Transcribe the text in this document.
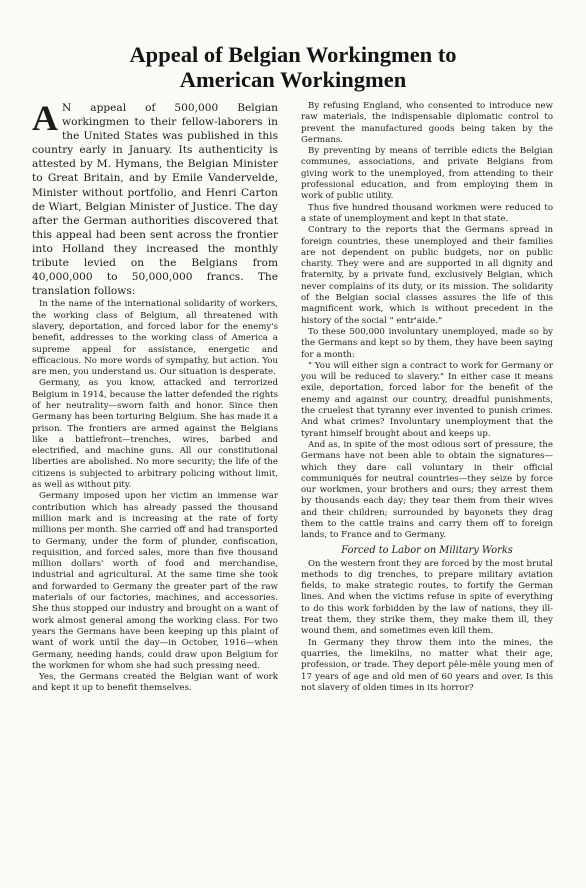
Appeal of Belgian Workingmen to
American Workingmen
A N appeal of 500,000 Belgian workingmen to their fellow-laborers in the United States was published in this country early in January. Its authenticity is attested by M. Hymans, the Belgian Minister to Great Britain, and by Emile Vandervelde, Minister without portfolio, and Henri Carton de Wiart, Belgian Minister of Justice. The day after the German authorities discovered that this appeal had been sent across the frontier into Holland they increased the monthly tribute levied on the Belgians from 40,000,000 to 50,000,000 francs. The translation follows:

In the name of the international solidarity of workers, the working class of Belgium, all threatened with slavery, deportation, and forced labor for the enemy's benefit, addresses to the working class of America a supreme appeal for assistance, energetic and efficacious. No more words of sympathy, but action. You are men, you understand us. Our situation is desperate.

Germany, as you know, attacked and terrorized Belgium in 1914, because the latter defended the rights of her neutrality—sworn faith and honor. Since then Germany has been torturing Belgium. She has made it a prison. The frontiers are armed against the Belgians like a battlefront—trenches, wires, barbed and electrified, and machine guns. All our constitutional liberties are abolished. No more security; the life of the citizens is subjected to arbitrary policing without limit, as well as without pity.

Germany imposed upon her victim an immense war contribution which has already passed the thousand million mark and is increasing at the rate of forty millions per month. She carried off and had transported to Germany, under the form of plunder, confiscation, requisition, and forced sales, more than five thousand million dollars' worth of food and merchandise, industrial and agricultural. At the same time she took and forwarded to Germany the greater part of the raw materials of our factories, machines, and accessories. She thus stopped our industry and brought on a want of work almost general among the working class. For two years the Germans have been keeping up this plaint of want of work until the day—in October, 1916—when Germany, needing hands, could draw upon Belgium for the workmen for whom she had such pressing need.

Yes, the Germans created the Belgian want of work and kept it up to benefit themselves.

By refusing England, who consented to introduce new raw materials, the indispensable diplomatic control to prevent the manufactured goods being taken by the Germans.

By preventing by means of terrible edicts the Belgian communes, associations, and private Belgians from giving work to the unemployed, from attending to their professional education, and from employing them in work of public utility.

Thus five hundred thousand workmen were reduced to a state of unemployment and kept in that state.

Contrary to the reports that the Germans spread in foreign countries, these unemployed and their families are not dependent on public budgets, nor on public charity. They were and are supported in all dignity and fraternity, by a private fund, exclusively Belgian, which never complains of its duty, or its mission. The solidarity of the Belgian social classes assures the life of this magnificent work, which is without precedent in the history of the social " entr'aide."

To these 500,000 involuntary unemployed, made so by the Germans and kept so by them, they have been saying for a month:

" You will either sign a contract to work for Germany or you will be reduced to slavery." In either case it means exile, deportation, forced labor for the benefit of the enemy and against our country, dreadful punishments, the cruelest that tyranny ever invented to punish crimes. And what crimes? Involuntary unemployment that the tyrant himself brought about and keeps up.

And as, in spite of the most odious sort of pressure, the Germans have not been able to obtain the signatures—which they dare call voluntary in their official communiqués for neutral countries—they seize by force our workmen, your brothers and ours; they arrest them by thousands each day; they tear them from their wives and their children; surrounded by bayonets they drag them to the cattle trains and carry them off to foreign lands, to France and to Germany.

Forced to Labor on Military Works

On the western front they are forced by the most brutal methods to dig trenches, to prepare military aviation fields, to make strategic routes, to fortify the German lines. And when the victims refuse in spite of everything to do this work forbidden by the law of nations, they ill-treat them, they strike them, they make them ill, they wound them, and sometimes even kill them.

In Germany they throw them into the mines, the quarries, the limekilns, no matter what their age, profession, or trade. They deport pêle-mêle young men of 17 years of age and old men of 60 years and over. Is this not slavery of olden times in its horror?
